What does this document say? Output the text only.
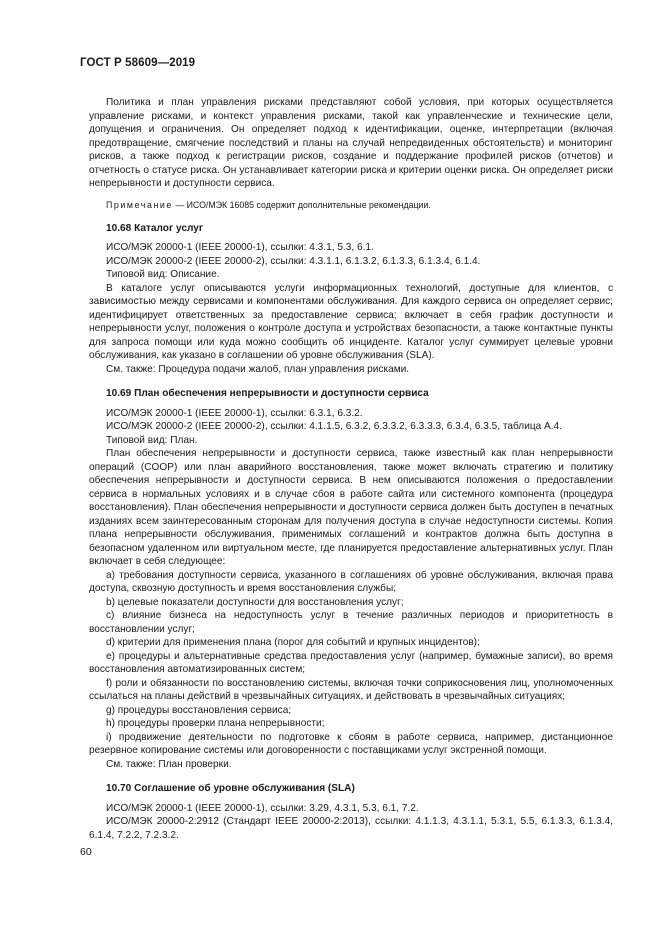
ГОСТ Р 58609—2019

Политика и план управления рисками представляют собой условия, при которых осуществляется управление рисками, и контекст управления рисками, такой как управленческие и технические цели, допущения и ограничения. Он определяет подход к идентификации, оценке, интерпретации (включая предотвращение, смягчение последствий и планы на случай непредвиденных обстоятельств) и мониторинг рисков, а также подход к регистрации рисков, создание и поддержание профилей рисков (отчетов) и отчетность о статусе риска. Он устанавливает категории риска и критерии оценки риска. Он определяет риски непрерывности и доступности сервиса.

Примечание — ИСО/МЭК 16085 содержит дополнительные рекомендации.

10.68 Каталог услуг

ИСО/МЭК 20000-1 (IEEE 20000-1), ссылки: 4.3.1, 5.3, 6.1.

ИСО/МЭК 20000-2 (IEEE 20000-2), ссылки: 4.3.1.1, 6.1.3.2, 6.1.3.3, 6.1.3.4, 6.1.4.

Типовой вид: Описание.

В каталоге услуг описываются услуги информационных технологий, доступные для клиентов, с зависимостью между сервисами и компонентами обслуживания. Для каждого сервиса он определяет сервис; идентифицирует ответственных за предоставление сервиса; включает в себя график доступности и непрерывности услуг, положения о контроле доступа и устройствах безопасности, а также контактные пункты для запроса помощи или куда можно сообщить об инциденте. Каталог услуг суммирует целевые уровни обслуживания, как указано в соглашении об уровне обслуживания (SLA).

См. также: Процедура подачи жалоб, план управления рисками.

10.69 План обеспечения непрерывности и доступности сервиса

ИСО/МЭК 20000-1 (IEEE 20000-1), ссылки: 6.3.1, 6.3.2.

ИСО/МЭК 20000-2 (IEEE 20000-2), ссылки: 4.1.1.5, 6.3.2, 6.3.3.2, 6.3.3.3, 6.3.4, 6.3.5, таблица А.4.

Типовой вид: План.

План обеспечения непрерывности и доступности сервиса, также известный как план непрерывности операций (COOP) или план аварийного восстановления, также может включать стратегию и политику обеспечения непрерывности и доступности сервиса. В нем описываются положения о предоставлении сервиса в нормальных условиях и в случае сбоя в работе сайта или системного компонента (процедура восстановления). План обеспечения непрерывности и доступности сервиса должен быть доступен в печатных изданиях всем заинтересованным сторонам для получения доступа в случае недоступности системы. Копия плана непрерывности обслуживания, применимых соглашений и контрактов должна быть доступна в безопасном удаленном или виртуальном месте, где планируется предоставление альтернативных услуг. План включает в себя следующее:

a) требования доступности сервиса, указанного в соглашениях об уровне обслуживания, включая права доступа, сквозную доступность и время восстановления службы;

b) целевые показатели доступности для восстановления услуг;

c) влияние бизнеса на недоступность услуг в течение различных периодов и приоритетность в восстановлении услуг;

d) критерии для применения плана (порог для событий и крупных инцидентов);

e) процедуры и альтернативные средства предоставления услуг (например, бумажные записи), во время восстановления автоматизированных систем;

f) роли и обязанности по восстановлению системы, включая точки соприкосновения лиц, уполномоченных ссылаться на планы действий в чрезвычайных ситуациях, и действовать в чрезвычайных ситуациях;

g) процедуры восстановления сервиса;

h) процедуры проверки плана непрерывности;

i) продвижение деятельности по подготовке к сбоям в работе сервиса, например, дистанционное резервное копирование системы или договоренности с поставщиками услуг экстренной помощи.

См. также: План проверки.

10.70 Соглашение об уровне обслуживания (SLA)

ИСО/МЭК 20000-1 (IEEE 20000-1), ссылки: 3.29, 4.3.1, 5.3, 6.1, 7.2.

ИСО/МЭК 20000-2:2912 (Стандарт IEEE 20000-2:2013), ссылки: 4.1.1.3, 4.3.1.1, 5.3.1, 5.5, 6.1.3.3, 6.1.3.4, 6.1.4, 7.2.2, 7.2.3.2.

60
